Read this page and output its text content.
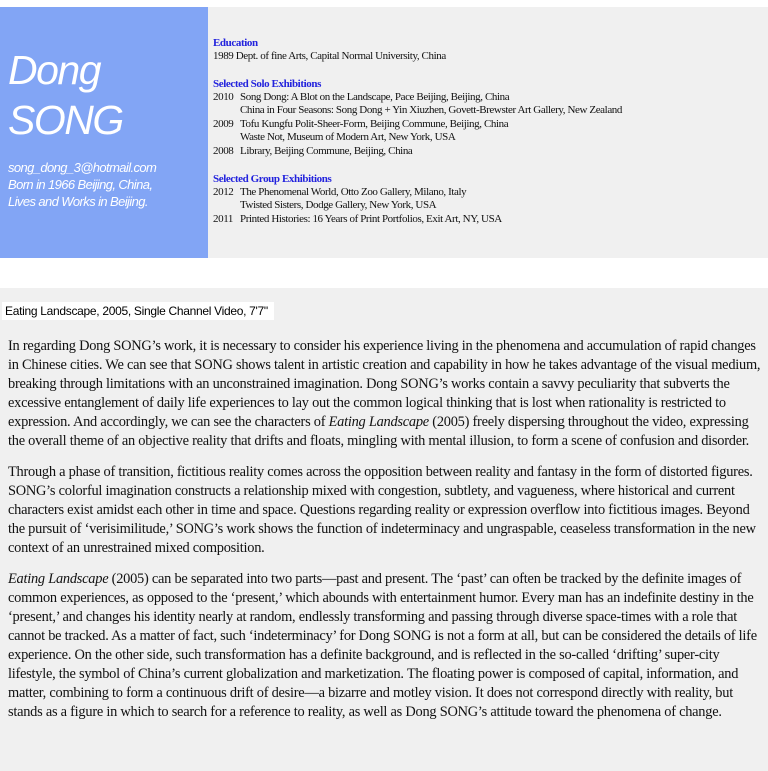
Dong
SONG
song_dong_3@hotmail.com
Born in 1966 Beijing, China,
Lives and Works in Beijing.
Education
1989 Dept. of fine Arts, Capital Normal University, China
Selected Solo Exhibitions
2010 Song Dong: A Blot on the Landscape, Pace Beijing, Beijing, China
China in Four Seasons: Song Dong + Yin Xiuzhen, Govett-Brewster Art Gallery, New Zealand
2009 Tofu Kungfu Polit-Sheer-Form, Beijing Commune, Beijing, China
Waste Not, Museum of Modern Art, New York, USA
2008 Library, Beijing Commune, Beijing, China
Selected Group Exhibitions
2012 The Phenomenal World, Otto Zoo Gallery, Milano, Italy
Twisted Sisters, Dodge Gallery, New York, USA
2011 Printed Histories: 16 Years of Print Portfolios, Exit Art, NY, USA
Eating Landscape, 2005, Single Channel Video, 7'7"

In regarding Dong SONG’s work, it is necessary to consider his experience living in the phenomena and accumulation of rapid changes in Chinese cities. We can see that SONG shows talent in artistic creation and capability in how he takes advantage of the visual medium, breaking through limitations with an unconstrained imagination. Dong SONG’s works contain a savvy peculiarity that subverts the excessive entanglement of daily life experiences to lay out the common logical thinking that is lost when rationality is restricted to expression. And accordingly, we can see the characters of Eating Landscape (2005) freely dispersing throughout the video, expressing the overall theme of an objective reality that drifts and floats, mingling with mental illusion, to form a scene of confusion and disorder.

Through a phase of transition, fictitious reality comes across the opposition between reality and fantasy in the form of distorted figures. SONG’s colorful imagination constructs a relationship mixed with congestion, subtlety, and vagueness, where historical and current characters exist amidst each other in time and space. Questions regarding reality or expression overflow into fictitious images. Beyond the pursuit of ‘verisimilitude,’ SONG’s work shows the function of indeterminacy and ungraspable, ceaseless transformation in the new context of an unrestrained mixed composition.

Eating Landscape (2005) can be separated into two parts—past and present. The ‘past’ can often be tracked by the definite images of common experiences, as opposed to the ‘present,’ which abounds with entertainment humor. Every man has an indefinite destiny in the ‘present,’ and changes his identity nearly at random, endlessly transforming and passing through diverse space-times with a role that cannot be tracked. As a matter of fact, such ‘indeterminacy’ for Dong SONG is not a form at all, but can be considered the details of life experience. On the other side, such transformation has a definite background, and is reflected in the so-called ‘drifting’ super-city lifestyle, the symbol of China’s current globalization and marketization. The floating power is composed of capital, information, and matter, combining to form a continuous drift of desire—a bizarre and motley vision. It does not correspond directly with reality, but stands as a figure in which to search for a reference to reality, as well as Dong SONG’s attitude toward the phenomena of change.
